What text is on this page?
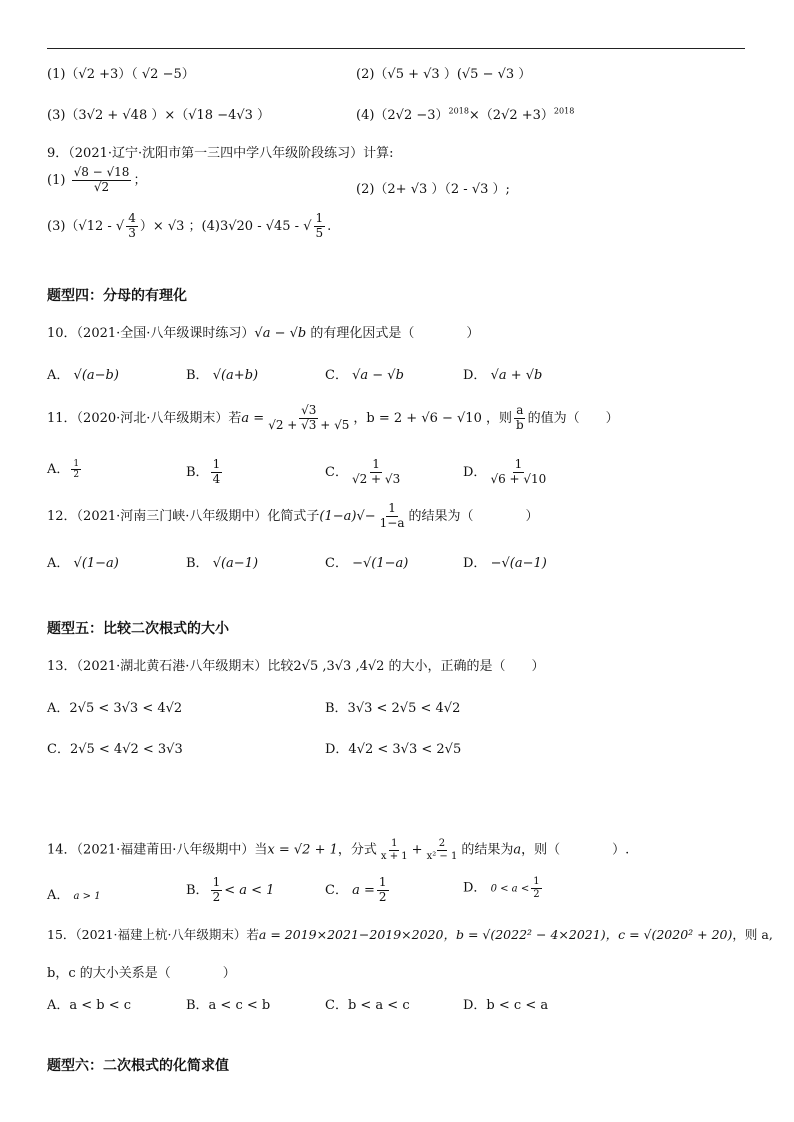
(1)（√2 +3）（ √2 −5）	(2)（√5 + √3 ）(√5 − √3 ）
(3)（3√2 + √48 ）×（√18 −4√3 ）	$(4)(2√2 -3)^{2018}\times(2√2 +3)^{2018}$
9．（2021·辽宁·沈阳市第一三四中学八年级阶段练习）计算:
$(1) \frac{√8 - √18}{√2}$ ；
(2)（2+ √3 ）（2 - √3 ）;
(3)（√12 - √ $\frac{4}{3}$ ）× √3 ；(4)3√20 - √45 - √ $\frac{1}{5}$ .
题型四：分母的有理化
10．（2021·全国·八年级课时练习）√a − √b 的有理化因式是（　　　　）
A． √(a−b)	B． √(a+b)	C． √a − √b	D． √a + √b
11．（2020·河北·八年级期末）若$a = \frac{√3}{√2 + √3 + √5}$ ，b = 2 + √6 − √10 ，则 $\frac{a}{b}$ 的值为（　　）
A． $\frac{1}{2}$	B． $\frac{1}{4}$	C． $\frac{1}{√2 + √3}$	D． $\frac{1}{√6 + √10}$
12．（2021·河南三门峡·八年级期中）化简式子$(1-a)√- \frac{1}{1-a}$ 的结果为（　　　　）
A． √(1−a)	B． √(a−1)	C． −√(1−a)	D． −√(a−1)
题型五：比较二次根式的大小
13．（2021·湖北黄石港·八年级期末）比较2√5 ,3√3 ,4√2 的大小，正确的是（　　）
A．2√5 < 3√3 < 4√2	B．3√3 < 2√5 < 4√2
C．2√5 < 4√2 < 3√3	D．4√2 < 3√3 < 2√5
14．（2021·福建莆田·八年级期中）当x = √2 + 1，分式 $\frac{1}{x + 1} + \frac{2}{\text{x² − 1}}$ 的结果为a，则（　　　　）.
A． a > 1	B． $\frac{1}{2} < a < 1$	C． $a = \frac{1}{2}$	D． $0 < a < \frac{1}{2}$
15．（2021·福建上杭·八年级期末）若a = 2019×2021−2019×2020，b = √(2022² − 4×2021)，c = √(2020² + 20)，则 a,
b，c 的大小关系是（　　　　）
A．a < b < c	B．a < c < b	C．b < a < c	D．b < c < a
题型六：二次根式的化简求值
